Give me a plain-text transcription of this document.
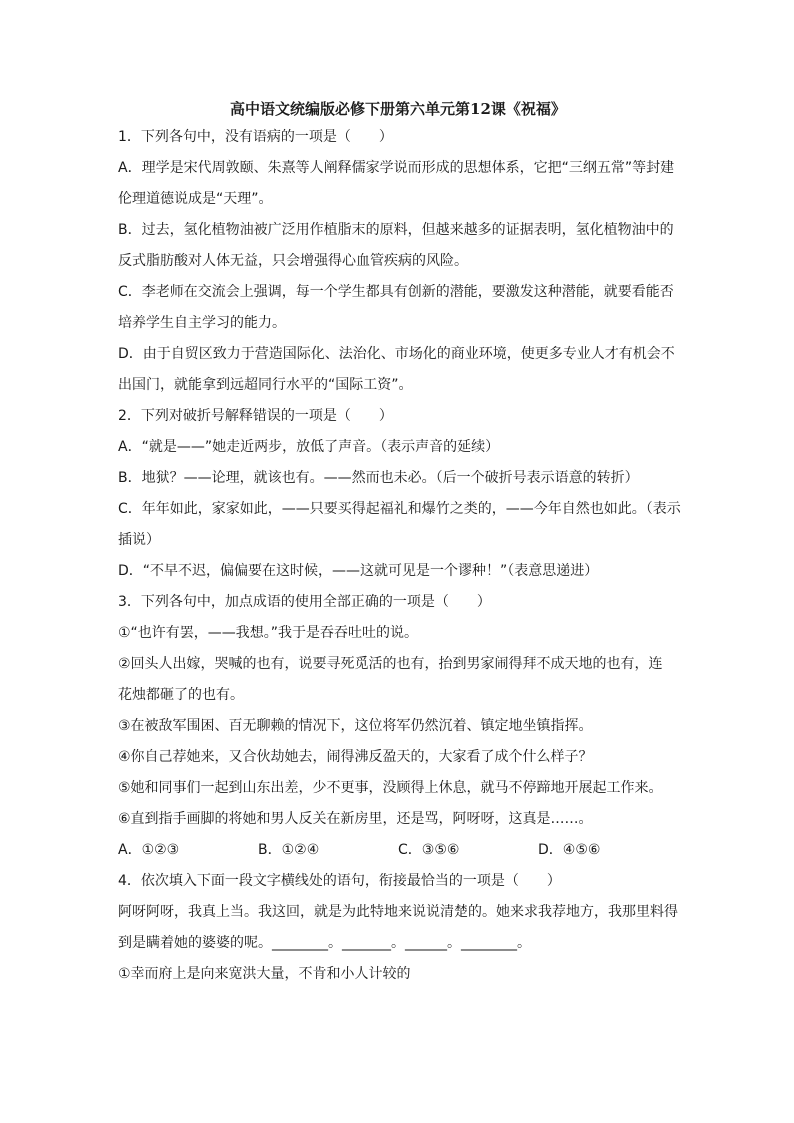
高中语文统编版必修下册第六单元第12课《祝福》

1．下列各句中，没有语病的一项是（　　）

A．理学是宋代周敦颐、朱熹等人阐释儒家学说而形成的思想体系，它把“三纲五常”等封建

伦理道德说成是“天理”。

B．过去，氢化植物油被广泛用作植脂末的原料，但越来越多的证据表明，氢化植物油中的

反式脂肪酸对人体无益，只会增强得心血管疾病的风险。

C．李老师在交流会上强调，每一个学生都具有创新的潜能，要激发这种潜能，就要看能否

培养学生自主学习的能力。

D．由于自贸区致力于营造国际化、法治化、市场化的商业环境，使更多专业人才有机会不

出国门，就能拿到远超同行水平的“国际工资”。

2．下列对破折号解释错误的一项是（　　）

A．“就是——”她走近两步，放低了声音。（表示声音的延续）

B．地狱？——论理，就该也有。——然而也未必。（后一个破折号表示语意的转折）

C．年年如此，家家如此，——只要买得起福礼和爆竹之类的，——今年自然也如此。（表示

插说）

D．“不早不迟，偏偏要在这时候，——这就可见是一个谬种！”（表意思递进）

3．下列各句中，加点成语的使用全部正确的一项是（　　）

①“也许有罢，——我想。”我于是吞吞吐吐的说。

②回头人出嫁，哭喊的也有，说要寻死觅活的也有，抬到男家闹得拜不成天地的也有，连

花烛都砸了的也有。

③在被敌军围困、百无聊赖的情况下，这位将军仍然沉着、镇定地坐镇指挥。

④你自己荐她来，又合伙劫她去，闹得沸反盈天的，大家看了成个什么样子？

⑤她和同事们一起到山东出差，少不更事，没顾得上休息，就马不停蹄地开展起工作来。

⑥直到指手画脚的将她和男人反关在新房里，还是骂，阿呀呀，这真是……。

A．①②③	B．①②④	C．③⑤⑥	D．④⑤⑥

4．依次填入下面一段文字横线处的语句，衔接最恰当的一项是（　　）

阿呀阿呀，我真上当。我这回，就是为此特地来说说清楚的。她来求我荐地方，我那里料得

到是瞒着她的婆婆的呢。________。_______。______。________。

①幸而府上是向来宽洪大量，不肯和小人计较的
